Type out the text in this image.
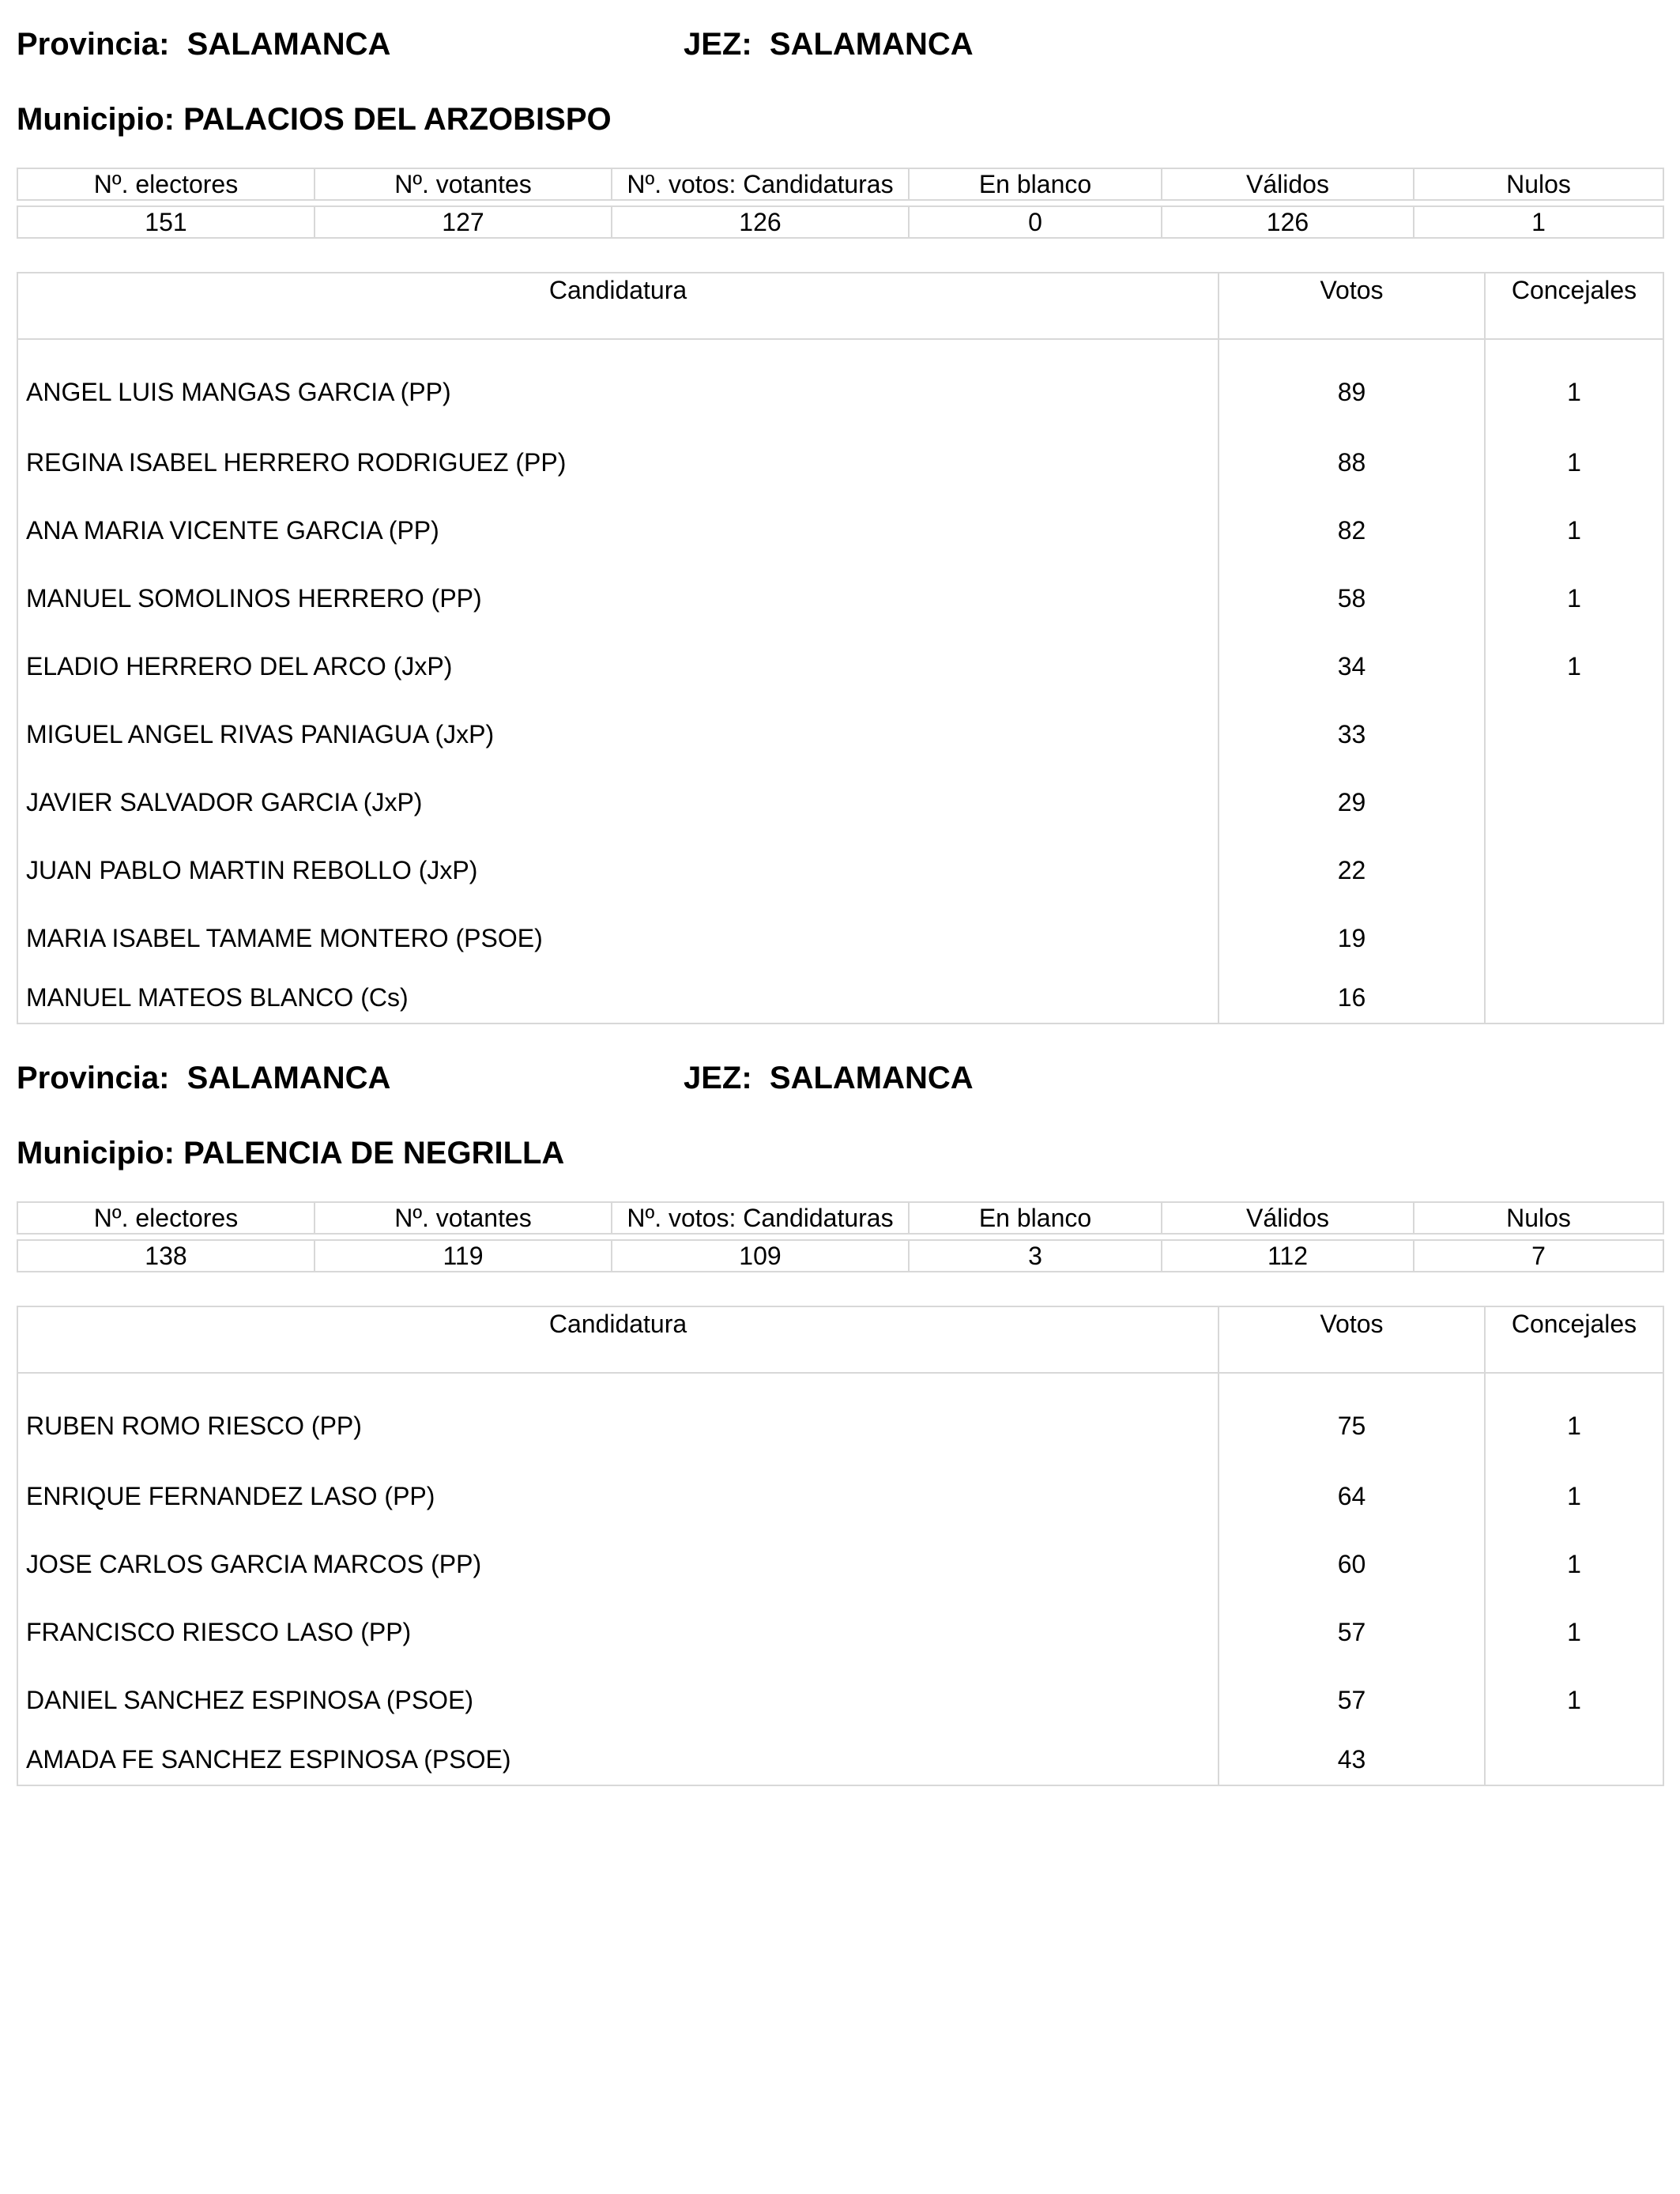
Provincia: SALAMANCA	JEZ: SALAMANCA
Municipio: PALACIOS DEL ARZOBISPO
Nº. electores	Nº. votantes	Nº. votos: Candidaturas	En blanco	Válidos	Nulos

151	127	126	0	126	1
Candidatura	Votos	Concejales
ANGEL LUIS MANGAS GARCIA (PP)	89	1
REGINA ISABEL HERRERO RODRIGUEZ (PP)	88	1
ANA MARIA VICENTE GARCIA (PP)	82	1
MANUEL SOMOLINOS HERRERO (PP)	58	1
ELADIO HERRERO DEL ARCO (JxP)	34	1
MIGUEL ANGEL RIVAS PANIAGUA (JxP)	33	
JAVIER SALVADOR GARCIA (JxP)	29	
JUAN PABLO MARTIN REBOLLO (JxP)	22	
MARIA ISABEL TAMAME MONTERO (PSOE)	19	
MANUEL MATEOS BLANCO (Cs)	16	
Provincia: SALAMANCA	JEZ: SALAMANCA
Municipio: PALENCIA DE NEGRILLA
Nº. electores	Nº. votantes	Nº. votos: Candidaturas	En blanco	Válidos	Nulos

138	119	109	3	112	7
Candidatura	Votos	Concejales
RUBEN ROMO RIESCO (PP)	75	1
ENRIQUE FERNANDEZ LASO (PP)	64	1
JOSE CARLOS GARCIA MARCOS (PP)	60	1
FRANCISCO RIESCO LASO (PP)	57	1
DANIEL SANCHEZ ESPINOSA (PSOE)	57	1
AMADA FE SANCHEZ ESPINOSA (PSOE)	43	
